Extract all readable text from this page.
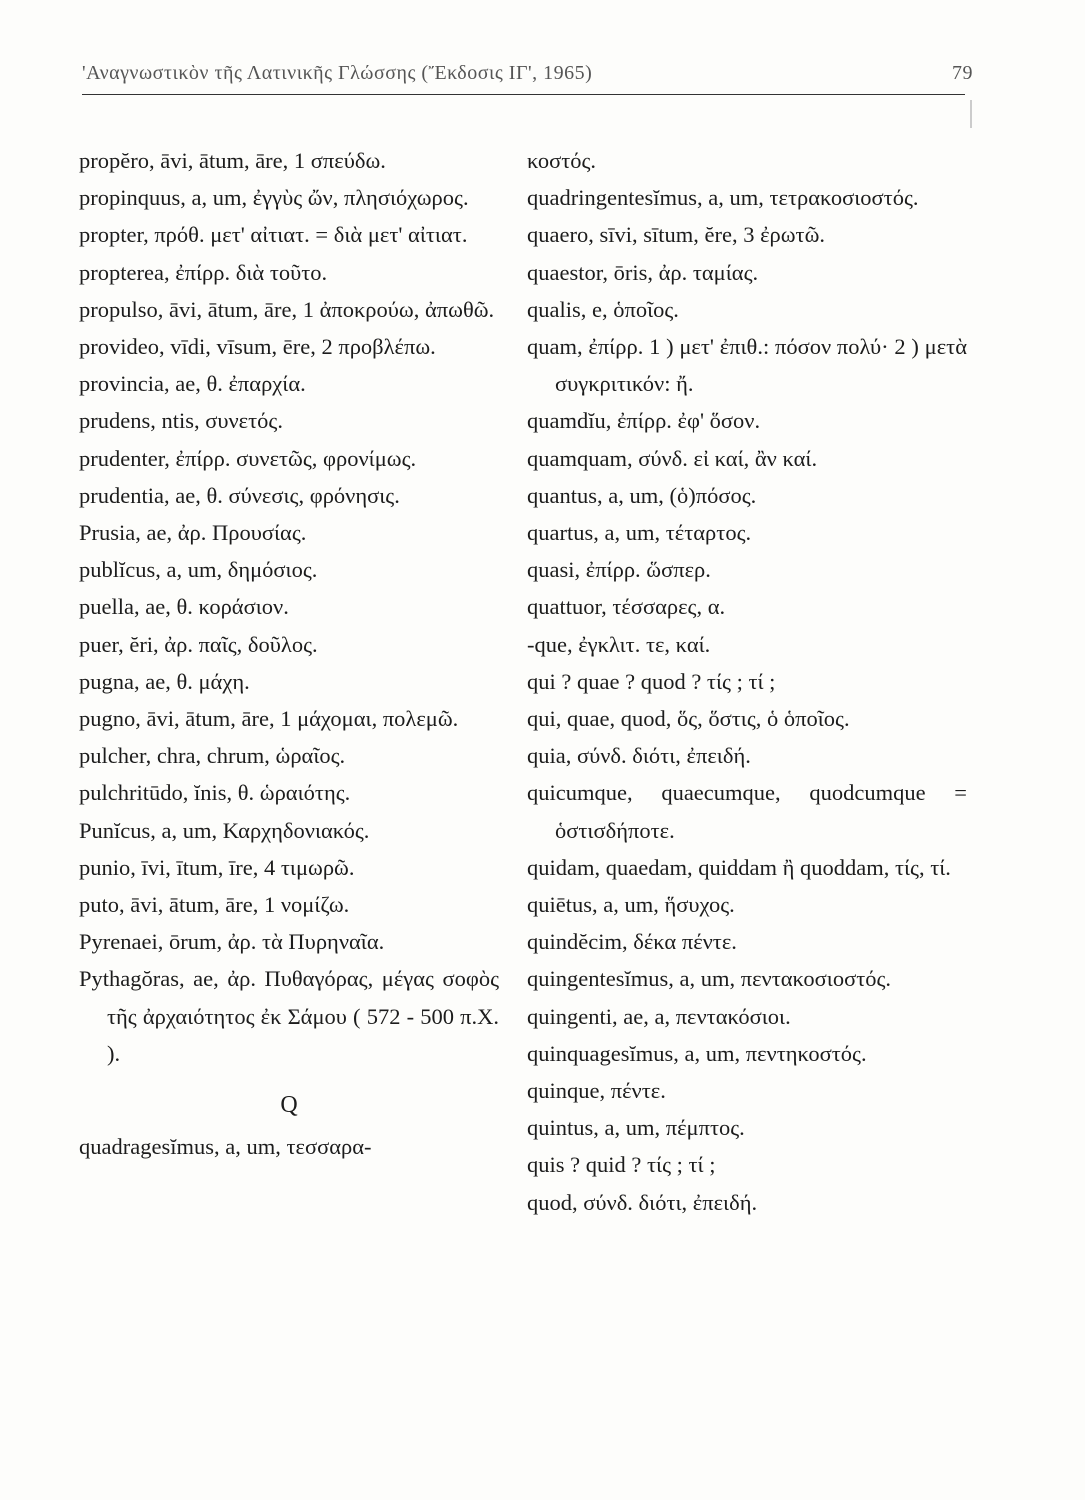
'Αναγνωστικὸν τῆς Λατινικῆς Γλώσσης (Ἔκδοσις ΙΓ', 1965)	79

propĕro, āvi, ātum, āre, 1 σπεύδω.

propinquus, a, um, ἐγγὺς ὤν, πλησιόχωρος.

propter, πρόθ. μετ' αἰτιατ. = διὰ μετ' αἰτιατ.

propterea, ἐπίρρ. διὰ τοῦτο.

propulso, āvi, ātum, āre, 1 ἀποκρούω, ἀπωθῶ.

provideo, vīdi, vīsum, ēre, 2 προβλέπω.

provincia, ae, θ. ἐπαρχία.

prudens, ntis, συνετός.

prudenter, ἐπίρρ. συνετῶς, φρονίμως.

prudentia, ae, θ. σύνεσις, φρόνησις.

Prusia, ae, ἀρ. Προυσίας.

publĭcus, a, um, δημόσιος.

puella, ae, θ. κοράσιον.

puer, ĕri, ἀρ. παῖς, δοῦλος.

pugna, ae, θ. μάχη.

pugno, āvi, ātum, āre, 1 μάχομαι, πολεμῶ.

pulcher, chra, chrum, ὡραῖος.

pulchritūdo, ĭnis, θ. ὡραιότης.

Punĭcus, a, um, Καρχηδονιακός.

punio, īvi, ītum, īre, 4 τιμωρῶ.

puto, āvi, ātum, āre, 1 νομίζω.

Pyrenaei, ōrum, ἀρ. τὰ Πυρηναῖα.

Pythagŏras, ae, ἀρ. Πυθαγόρας, μέγας σοφὸς τῆς ἀρχαιότητος ἐκ Σάμου ( 572 - 500 π.Χ. ).

Q

quadragesĭmus, a, um, τεσσαρα-

κοστός.

quadringentesĭmus, a, um, τετρακοσιοστός.

quaero, sīvi, sītum, ĕre, 3 ἐρωτῶ.

quaestor, ōris, ἀρ. ταμίας.

qualis, e, ὁποῖος.

quam, ἐπίρρ. 1 ) μετ' ἐπιθ.: πόσον πολύ· 2 ) μετὰ συγκριτικόν: ἤ.

quamdĭu, ἐπίρρ. ἐφ' ὅσον.

quamquam, σύνδ. εἰ καί, ἂν καί.

quantus, a, um, (ὁ)πόσος.

quartus, a, um, τέταρτος.

quasi, ἐπίρρ. ὥσπερ.

quattuor, τέσσαρες, α.

-que, ἐγκλιτ. τε, καί.

qui ? quae ? quod ? τίς ; τί ;

qui, quae, quod, ὅς, ὅστις, ὁ ὁποῖος.

quia, σύνδ. διότι, ἐπειδή.

quicumque, quaecumque, quodcumque = ὁστισδήποτε.

quidam, quaedam, quiddam ἢ quoddam, τίς, τί.

quiētus, a, um, ἥσυχος.

quindĕcim, δέκα πέντε.

quingentesĭmus, a, um, πεντακοσιοστός.

quingenti, ae, a, πεντακόσιοι.

quinquagesĭmus, a, um, πεντηκοστός.

quinque, πέντε.

quintus, a, um, πέμπτος.

quis ? quid ? τίς ; τί ;

quod, σύνδ. διότι, ἐπειδή.
